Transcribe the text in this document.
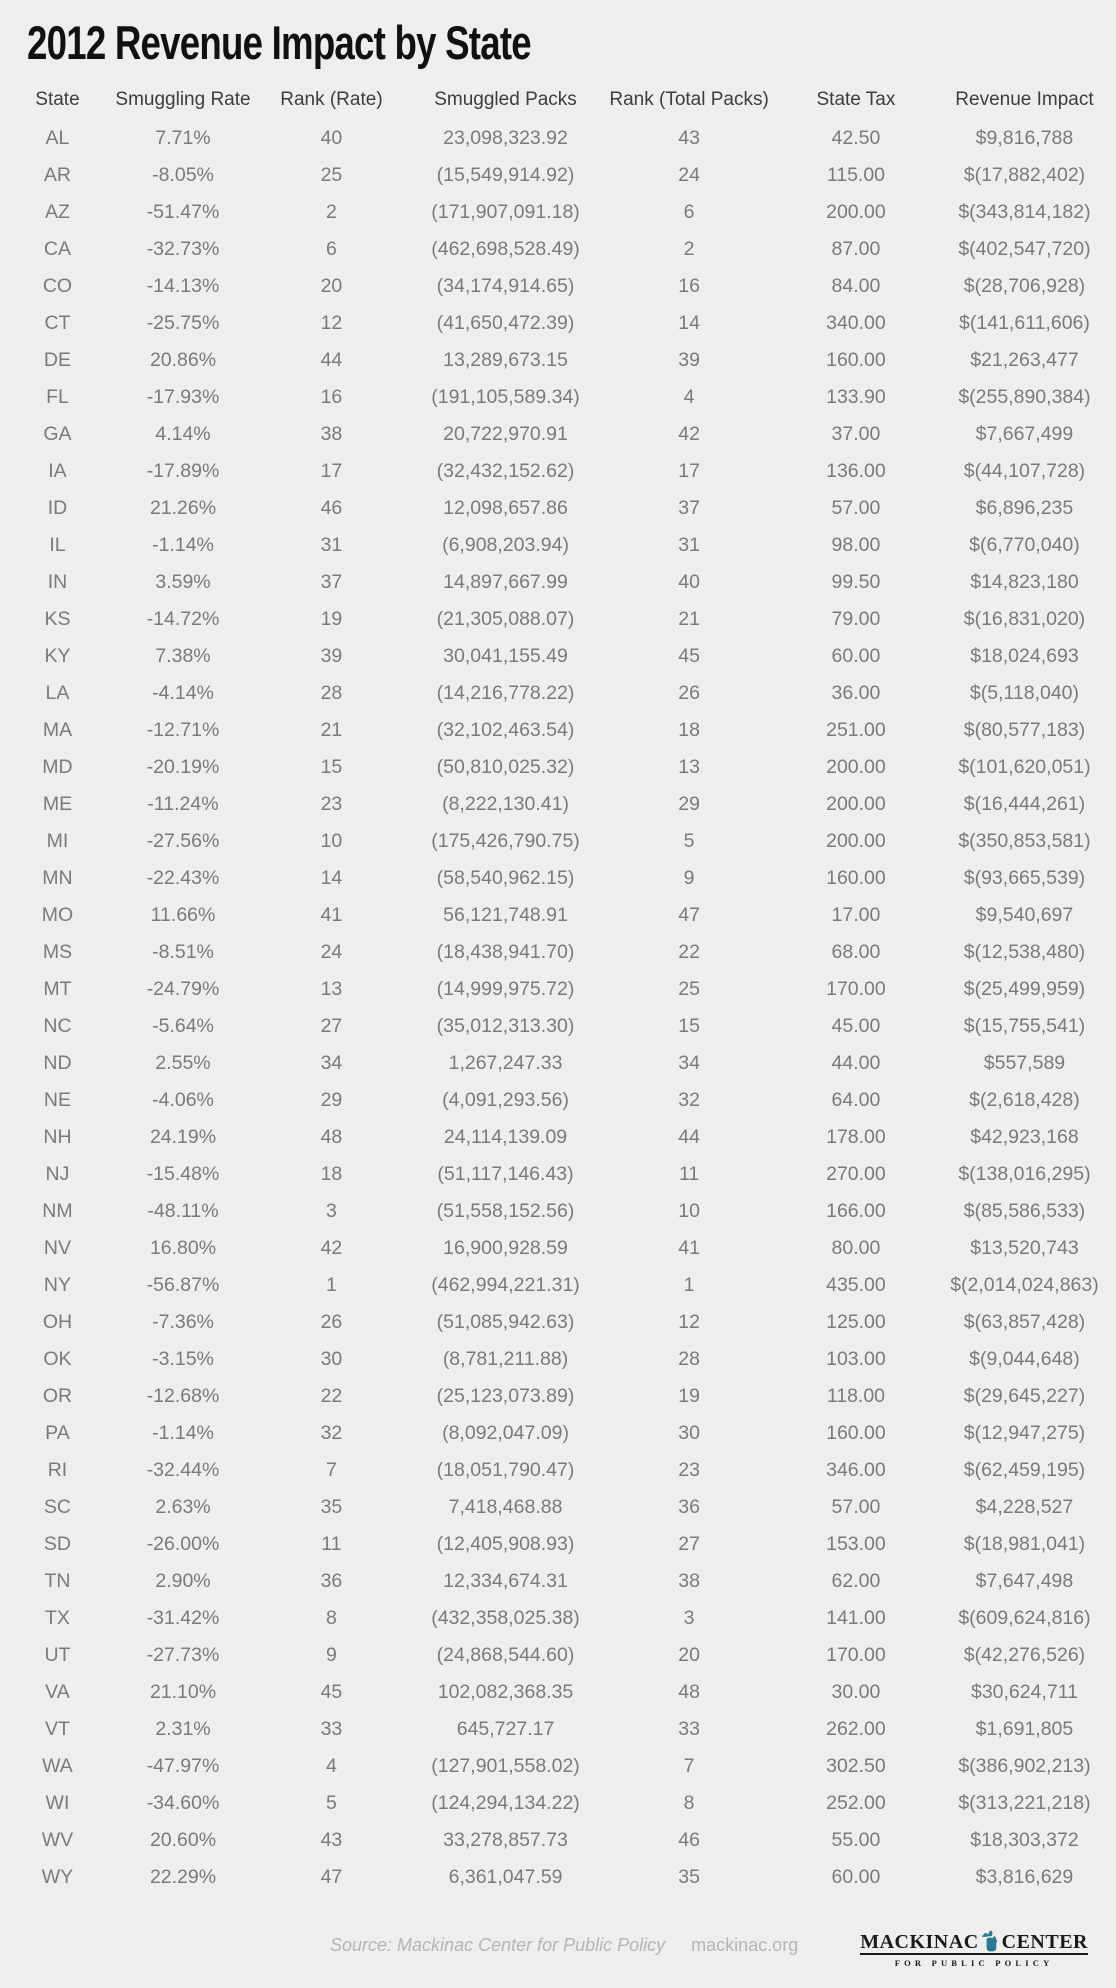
2012 Revenue Impact by State
State	Smuggling Rate	Rank (Rate)	Smuggled Packs	Rank (Total Packs)	State Tax	Revenue Impact
AL	7.71%	40	23,098,323.92	43	42.50	$9,816,788
AR	-8.05%	25	(15,549,914.92)	24	115.00	$(17,882,402)
AZ	-51.47%	2	(171,907,091.18)	6	200.00	$(343,814,182)
CA	-32.73%	6	(462,698,528.49)	2	87.00	$(402,547,720)
CO	-14.13%	20	(34,174,914.65)	16	84.00	$(28,706,928)
CT	-25.75%	12	(41,650,472.39)	14	340.00	$(141,611,606)
DE	20.86%	44	13,289,673.15	39	160.00	$21,263,477
FL	-17.93%	16	(191,105,589.34)	4	133.90	$(255,890,384)
GA	4.14%	38	20,722,970.91	42	37.00	$7,667,499
IA	-17.89%	17	(32,432,152.62)	17	136.00	$(44,107,728)
ID	21.26%	46	12,098,657.86	37	57.00	$6,896,235
IL	-1.14%	31	(6,908,203.94)	31	98.00	$(6,770,040)
IN	3.59%	37	14,897,667.99	40	99.50	$14,823,180
KS	-14.72%	19	(21,305,088.07)	21	79.00	$(16,831,020)
KY	7.38%	39	30,041,155.49	45	60.00	$18,024,693
LA	-4.14%	28	(14,216,778.22)	26	36.00	$(5,118,040)
MA	-12.71%	21	(32,102,463.54)	18	251.00	$(80,577,183)
MD	-20.19%	15	(50,810,025.32)	13	200.00	$(101,620,051)
ME	-11.24%	23	(8,222,130.41)	29	200.00	$(16,444,261)
MI	-27.56%	10	(175,426,790.75)	5	200.00	$(350,853,581)
MN	-22.43%	14	(58,540,962.15)	9	160.00	$(93,665,539)
MO	11.66%	41	56,121,748.91	47	17.00	$9,540,697
MS	-8.51%	24	(18,438,941.70)	22	68.00	$(12,538,480)
MT	-24.79%	13	(14,999,975.72)	25	170.00	$(25,499,959)
NC	-5.64%	27	(35,012,313.30)	15	45.00	$(15,755,541)
ND	2.55%	34	1,267,247.33	34	44.00	$557,589
NE	-4.06%	29	(4,091,293.56)	32	64.00	$(2,618,428)
NH	24.19%	48	24,114,139.09	44	178.00	$42,923,168
NJ	-15.48%	18	(51,117,146.43)	11	270.00	$(138,016,295)
NM	-48.11%	3	(51,558,152.56)	10	166.00	$(85,586,533)
NV	16.80%	42	16,900,928.59	41	80.00	$13,520,743
NY	-56.87%	1	(462,994,221.31)	1	435.00	$(2,014,024,863)
OH	-7.36%	26	(51,085,942.63)	12	125.00	$(63,857,428)
OK	-3.15%	30	(8,781,211.88)	28	103.00	$(9,044,648)
OR	-12.68%	22	(25,123,073.89)	19	118.00	$(29,645,227)
PA	-1.14%	32	(8,092,047.09)	30	160.00	$(12,947,275)
RI	-32.44%	7	(18,051,790.47)	23	346.00	$(62,459,195)
SC	2.63%	35	7,418,468.88	36	57.00	$4,228,527
SD	-26.00%	11	(12,405,908.93)	27	153.00	$(18,981,041)
TN	2.90%	36	12,334,674.31	38	62.00	$7,647,498
TX	-31.42%	8	(432,358,025.38)	3	141.00	$(609,624,816)
UT	-27.73%	9	(24,868,544.60)	20	170.00	$(42,276,526)
VA	21.10%	45	102,082,368.35	48	30.00	$30,624,711
VT	2.31%	33	645,727.17	33	262.00	$1,691,805
WA	-47.97%	4	(127,901,558.02)	7	302.50	$(386,902,213)
WI	-34.60%	5	(124,294,134.22)	8	252.00	$(313,221,218)
WV	20.60%	43	33,278,857.73	46	55.00	$18,303,372
WY	22.29%	47	6,361,047.59	35	60.00	$3,816,629
Source: Mackinac Center for Public Policy mackinac.org	MACKINAC CENTER
FOR PUBLIC POLICY
